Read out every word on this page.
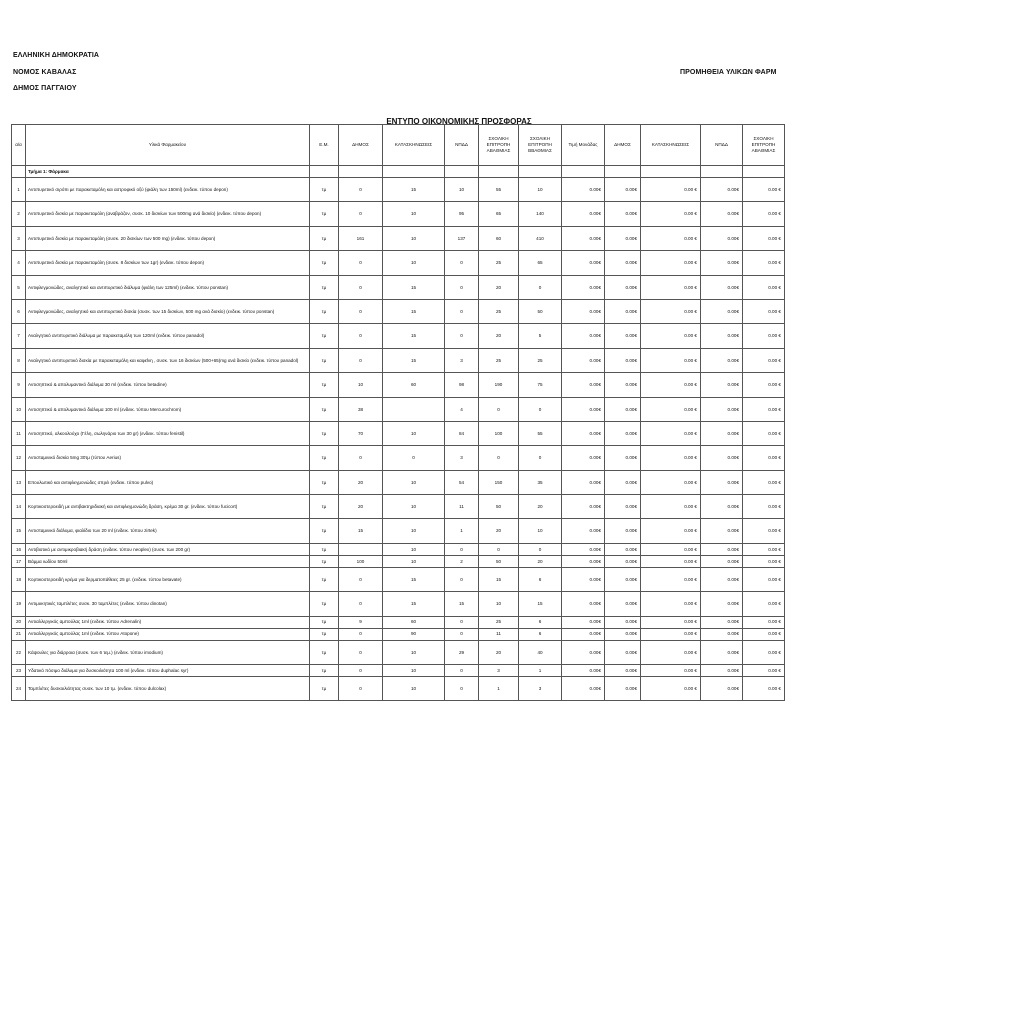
ΕΛΛΗΝΙΚΗ ΔΗΜΟΚΡΑΤΙΑ
ΝΟΜΟΣ ΚΑΒΑΛΑΣ
ΔΗΜΟΣ ΠΑΓΓΑΙΟΥ
ΠΡΟΜΗΘΕΙΑ ΥΛΙΚΩΝ ΦΑΡΜ
ΕΝΤΥΠΟ ΟΙΚΟΝΟΜΙΚΗΣ ΠΡΟΣΦΟΡΑΣ
α/α	Υλικά Φαρμακείου	Ε.Μ.	ΔΗΜΟΣ	ΚΑΤΑΣΚΗΝΩΣΕΙΣ	ΝΠΔΔ	ΣΧΟΛΙΚΗ ΕΠΙΤΡΟΠΗ ΑΒΑΘΜΙΑΣ	ΣΧΟΛΙΚΗ ΕΠΙΤΡΟΠΗ ΒΒΑΘΜΙΑΣ	Τιμή Μονάδας	ΔΗΜΟΣ	ΚΑΤΑΣΚΗΝΩΣΕΙΣ	ΝΠΔΔ	ΣΧΟΛΙΚΗ ΕΠΙΤΡΟΠΗ ΑΒΑΘΜΙΑΣ
	Τμήμα 1: Φάρμακα											
1	Αντιπυρετικό σιρόπι με παρακεταμόλη και αστροφικό οξύ (φιάλη των 150ml) (ενδεικ. τύπου depon)	τμ	0	15	10	55	10	0.00€	0.00€	0.00 €	0.00€	0.00 €
2	Αντιπυρετικό δισκία με παρακεταμόλη (αναβράζον, συσκ. 10 δισκίων των 500mg ανά δισκίο) (ενδεικ. τύπου depon)	τμ	0	10	95	65	140	0.00€	0.00€	0.00 €	0.00€	0.00 €
3	Αντιπυρετικό δισκία με παρακεταμόλη (συσκ. 20 δισκίων των 500 mg) (ενδεικ. τύπου depon)	τμ	161	10	137	60	410	0.00€	0.00€	0.00 €	0.00€	0.00 €
4	Αντιπυρετικό δισκία με παρακεταμόλη (συσκ. 8 δισκίων των 1gr) (ενδεικ. τύπου depon)	τμ	0	10	0	25	65	0.00€	0.00€	0.00 €	0.00€	0.00 €
5	Αντιφλεγμονώδες, αναλγητικό και αντιπυρετικό διάλυμα (φιάλη των 125ml) (ενδεικ. τύπου ponstan)	τμ	0	15	0	20	0	0.00€	0.00€	0.00 €	0.00€	0.00 €
6	Αντιφλεγμονώδες, αναλγητικό και αντιπυρετικό δισκία (συσκ. των 15 δισκίων, 500 mg ανά δισκίο) (ενδεικ. τύπου ponstan)	τμ	0	15	0	25	50	0.00€	0.00€	0.00 €	0.00€	0.00 €
7	Αναλγητικό αντιπυρετικό διάλυμα με παρακεταμόλη των 120ml (ενδεικ. τύπου panadol)	τμ	0	15	0	20	5	0.00€	0.00€	0.00 €	0.00€	0.00 €
8	Αναλγητικό αντιπυρετικό δισκία με παρακεταμόλη και καφεΐνη , συσκ. των 16 δισκίων (500+65)mg ανά δισκίο (ενδεικ. τύπου panadol)	τμ	0	15	3	25	25	0.00€	0.00€	0.00 €	0.00€	0.00 €
9	Αντισηπτικό & απολυμαντικό διάλυμα 30 ml (ενδεικ. τύπου betadine)	τμ	10	60	98	190	75	0.00€	0.00€	0.00 €	0.00€	0.00 €
10	Αντισηπτικό & απολυμαντικό διάλυμα 100 ml (ενδεικ. τύπου Mercurochrom)	τμ	38		4	0	0	0.00€	0.00€	0.00 €	0.00€	0.00 €
11	Αντισηπτικό, αλκοολούχο (Γέλη, σωληνάριο των 30 gr) (ενδεικ. τύπου fenistil)	τμ	70	10	84	100	55	0.00€	0.00€	0.00 €	0.00€	0.00 €
12	Αντισταμινικό δισκία 5mg 30τμ (τύπου Aerius)	τμ	0	0	3	0	0	0.00€	0.00€	0.00 €	0.00€	0.00 €
13	Επουλωτικό και αντιφλεγμονώδες σπρέι (ενδεικ. τύπου pulvo)	τμ	20	10	54	150	35	0.00€	0.00€	0.00 €	0.00€	0.00 €
14	Κορτικοστεροειδή με αντιβακτηριδιακή και αντιφλεγμονώδη δράση, κρέμα 30 gr. (ενδεικ. τύπου fucicort)	τμ	20	10	11	50	20	0.00€	0.00€	0.00 €	0.00€	0.00 €
15	Αντισταμινικό διάλυμα, φιαλίδιο των 20 ml (ενδεικ. τύπου zirtek)	τμ	15	10	1	20	10	0.00€	0.00€	0.00 €	0.00€	0.00 €
16	Αντιβιοτικό με αντιμικροβιακή δράση (ενδεικ. τύπου neoplex) (συσκ. των 200 gr)	τμ		10	0	0	0	0.00€	0.00€	0.00 €	0.00€	0.00 €
17	Βάμμα ιωδίου 50ml	τμ	100	10	2	50	20	0.00€	0.00€	0.00 €	0.00€	0.00 €
18	Κορτικοστεροειδή κρέμα για δερματοπάθειες 25 gr. (ενδεικ. τύπου betavate)	τμ	0	15	0	15	6	0.00€	0.00€	0.00 €	0.00€	0.00 €
19	Αντιμυκητικές ταμπλέτες συσκ. 30 ταμπλέτες (ενδεικ. τύπου dinotan)	τμ	0	15	15	10	15	0.00€	0.00€	0.00 €	0.00€	0.00 €
20	Αντιαλλεργικός αμπούλας 1ml (ενδεικ. τύπου Adrenalin)	τμ	9	60	0	25	6	0.00€	0.00€	0.00 €	0.00€	0.00 €
21	Αντιαλλεργικός αμπούλας 1ml (ενδεικ. τύπου Atopone)	τμ	0	90	0	11	6	0.00€	0.00€	0.00 €	0.00€	0.00 €
22	Κάψουλες για διάρροια (συσκ. των 6 τεμ.) (ενδεικ. τύπου imodium)	τμ	0	10	29	20	40	0.00€	0.00€	0.00 €	0.00€	0.00 €
23	Υδατικό πόσιμο διάλυμα για δυσκοιλιότητα 100 ml (ενδεικ. τύπου duphalac syr)	τμ	0	10	0	3	1	0.00€	0.00€	0.00 €	0.00€	0.00 €
24	Ταμπλέτες δυσκοιλιότητας συσκ. των 10 τμ. (ενδεικ. τύπου dulcolax)	τμ	0	10	0	1	3	0.00€	0.00€	0.00 €	0.00€	0.00 €
